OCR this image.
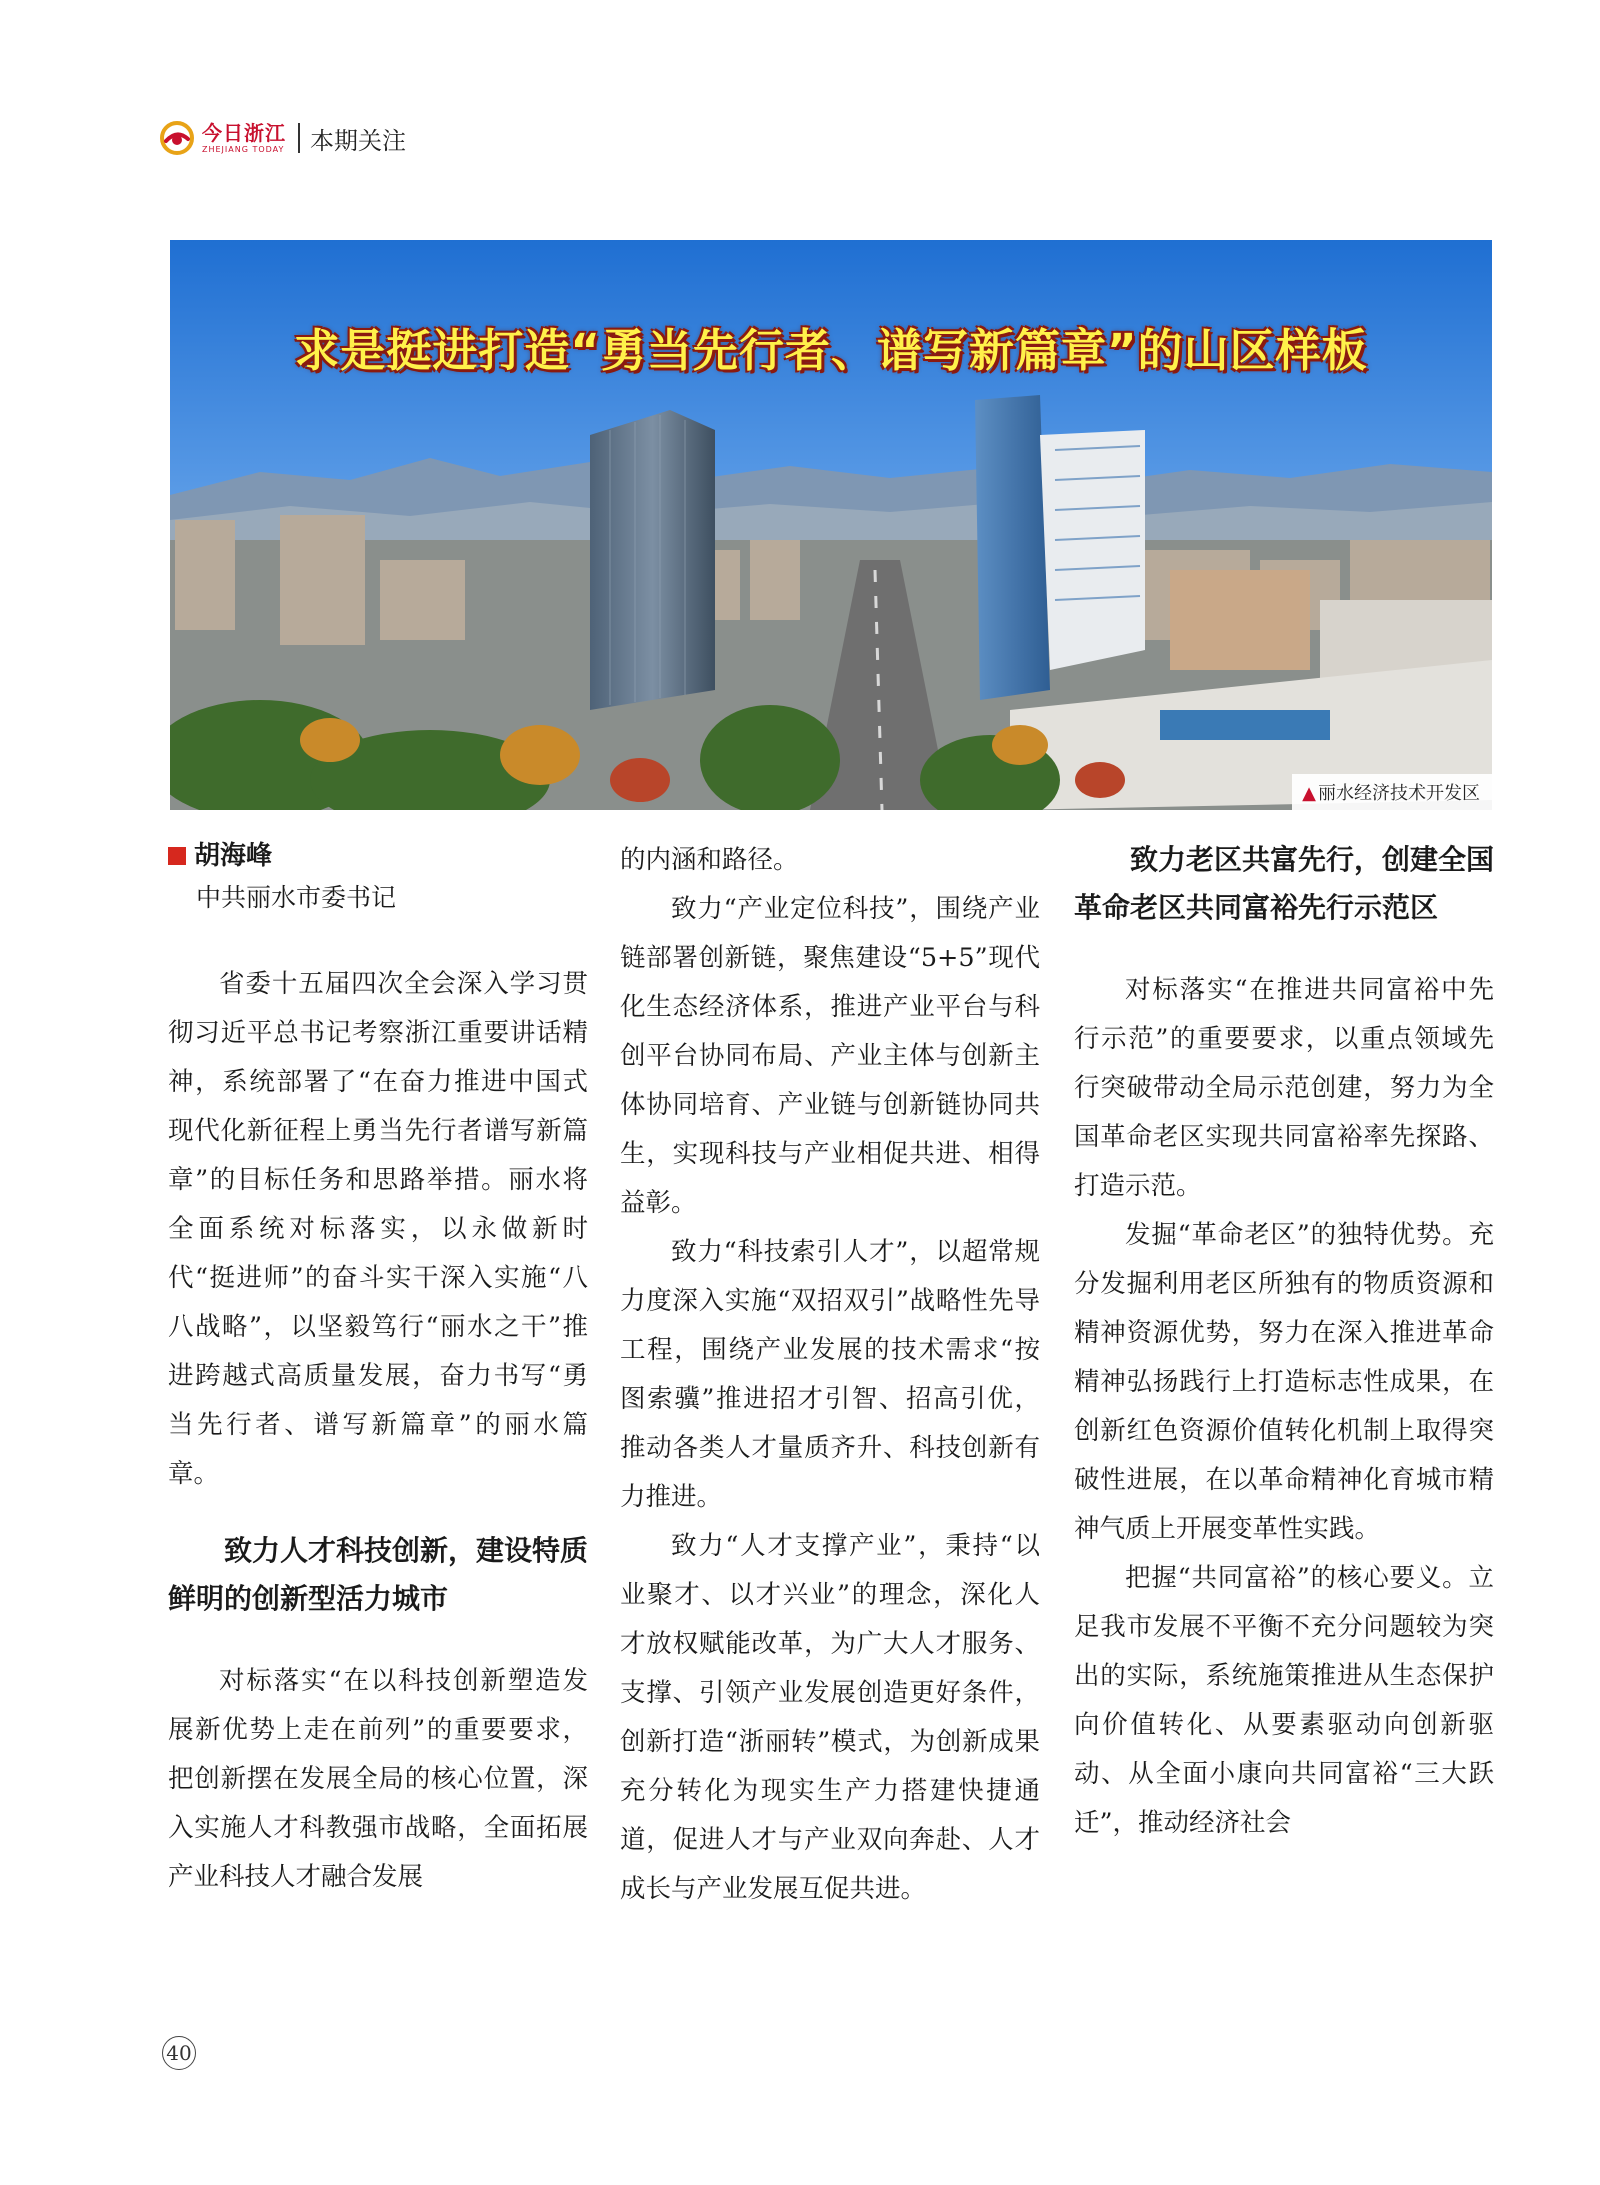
今日浙江
ZHEJIANG TODAY 本期关注
求是挺进打造“勇当先行者、谱写新篇章”的山区样板
▲ 丽水经济技术开发区
胡海峰
中共丽水市委书记

省委十五届四次全会深入学习贯彻习近平总书记考察浙江重要讲话精神，系统部署了“在奋力推进中国式现代化新征程上勇当先行者谱写新篇章”的目标任务和思路举措。丽水将全面系统对标落实，以永做新时代“挺进师”的奋斗实干深入实施“八八战略”，以坚毅笃行“丽水之干”推进跨越式高质量发展，奋力书写“勇当先行者、谱写新篇章”的丽水篇章。

致力人才科技创新，建设特质鲜明的创新型活力城市

对标落实“在以科技创新塑造发展新优势上走在前列”的重要要求，把创新摆在发展全局的核心位置，深入实施人才科教强市战略，全面拓展产业科技人才融合发展

的内涵和路径。

致力“产业定位科技”，围绕产业链部署创新链，聚焦建设“5+5”现代化生态经济体系，推进产业平台与科创平台协同布局、产业主体与创新主体协同培育、产业链与创新链协同共生，实现科技与产业相促共进、相得益彰。

致力“科技索引人才”，以超常规力度深入实施“双招双引”战略性先导工程，围绕产业发展的技术需求“按图索骥”推进招才引智、招高引优，推动各类人才量质齐升、科技创新有力推进。

致力“人才支撑产业”，秉持“以业聚才、以才兴业”的理念，深化人才放权赋能改革，为广大人才服务、支撑、引领产业发展创造更好条件，创新打造“浙丽转”模式，为创新成果充分转化为现实生产力搭建快捷通道，促进人才与产业双向奔赴、人才成长与产业发展互促共进。

致力老区共富先行，创建全国革命老区共同富裕先行示范区

对标落实“在推进共同富裕中先行示范”的重要要求，以重点领域先行突破带动全局示范创建，努力为全国革命老区实现共同富裕率先探路、打造示范。

发掘“革命老区”的独特优势。充分发掘利用老区所独有的物质资源和精神资源优势，努力在深入推进革命精神弘扬践行上打造标志性成果，在创新红色资源价值转化机制上取得突破性进展，在以革命精神化育城市精神气质上开展变革性实践。

把握“共同富裕”的核心要义。立足我市发展不平衡不充分问题较为突出的实际，系统施策推进从生态保护向价值转化、从要素驱动向创新驱动、从全面小康向共同富裕“三大跃迁”，推动经济社会

40
